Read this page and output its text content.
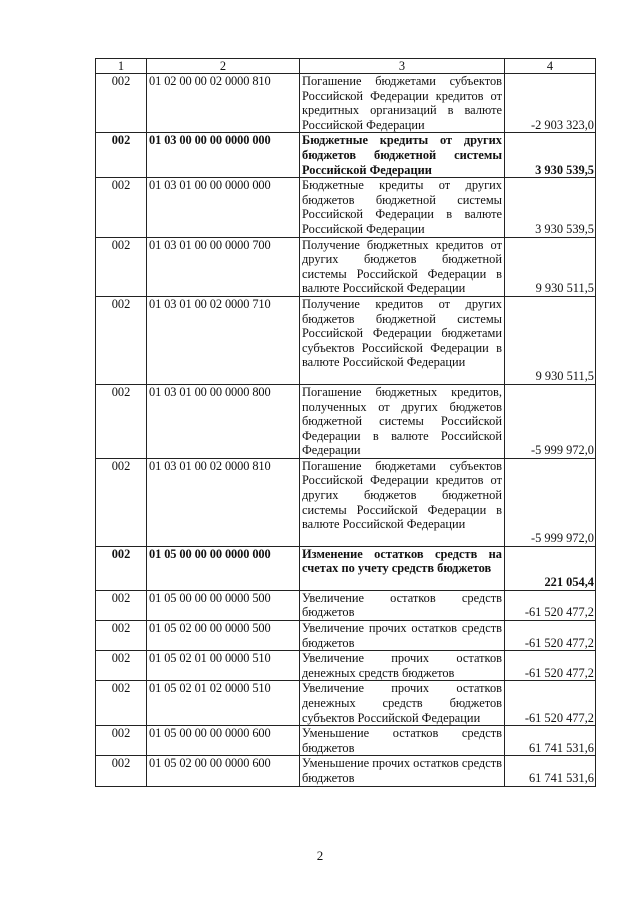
1	2	3	4
002	01 02 00 00 02 0000 810	Погашение бюджетами субъектов Российской Федерации кредитов от кредитных организаций в валюте Российской Федерации	-2 903 323,0
002	01 03 00 00 00 0000 000	Бюджетные кредиты от других бюджетов бюджетной системы Российской Федерации	3 930 539,5
002	01 03 01 00 00 0000 000	Бюджетные кредиты от других бюджетов бюджетной системы Российской Федерации в валюте Российской Федерации	3 930 539,5
002	01 03 01 00 00 0000 700	Получение бюджетных кредитов от других бюджетов бюджетной системы Российской Федерации в валюте Российской Федерации	9 930 511,5
002	01 03 01 00 02 0000 710	Получение кредитов от других бюджетов бюджетной системы Российской Федерации бюджетами субъектов Российской Федерации в валюте Российской Федерации	9 930 511,5
002	01 03 01 00 00 0000 800	Погашение бюджетных кредитов, полученных от других бюджетов бюджетной системы Российской Федерации в валюте Российской Федерации	-5 999 972,0
002	01 03 01 00 02 0000 810	Погашение бюджетами субъектов Российской Федерации кредитов от других бюджетов бюджетной системы Российской Федерации в валюте Российской Федерации	-5 999 972,0
002	01 05 00 00 00 0000 000	Изменение остатков средств на счетах по учету средств бюджетов	221 054,4
002	01 05 00 00 00 0000 500	Увеличение остатков средств бюджетов	-61 520 477,2
002	01 05 02 00 00 0000 500	Увеличение прочих остатков средств бюджетов	-61 520 477,2
002	01 05 02 01 00 0000 510	Увеличение прочих остатков денежных средств бюджетов	-61 520 477,2
002	01 05 02 01 02 0000 510	Увеличение прочих остатков денежных средств бюджетов субъектов Российской Федерации	-61 520 477,2
002	01 05 00 00 00 0000 600	Уменьшение остатков средств бюджетов	61 741 531,6
002	01 05 02 00 00 0000 600	Уменьшение прочих остатков средств бюджетов	61 741 531,6
2
